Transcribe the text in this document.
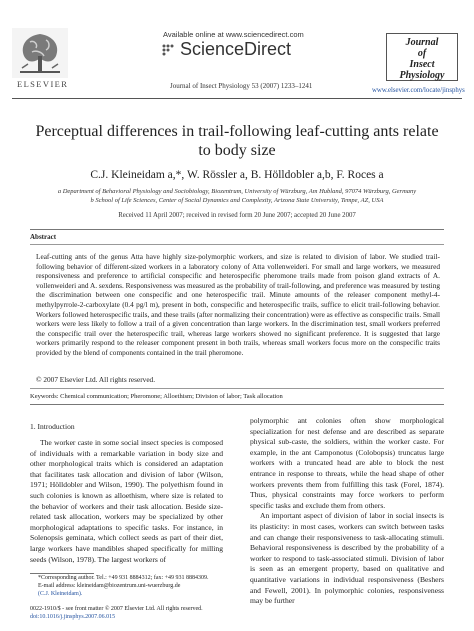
ELSEVIER
Available online at www.sciencedirect.com
ScienceDirect
Journal of Insect Physiology 53 (2007) 1233–1241
Journal
of
Insect
Physiology
www.elsevier.com/locate/jinsphys
Perceptual differences in trail-following leaf-cutting ants relate to body size
C.J. Kleineidam a,*, W. Rössler a, B. Hölldobler a,b, F. Roces a
a Department of Behavioral Physiology and Sociobiology, Biozentrum, University of Würzburg, Am Hubland, 97074 Würzburg, Germany
b School of Life Sciences, Center of Social Dynamics and Complexity, Arizona State University, Tempe, AZ, USA
Received 11 April 2007; received in revised form 20 June 2007; accepted 20 June 2007
Abstract
Leaf-cutting ants of the genus Atta have highly size-polymorphic workers, and size is related to division of labor. We studied trail-following behavior of different-sized workers in a laboratory colony of Atta vollenweideri. For small and large workers, we measured responsiveness and preference to artificial conspecific and heterospecific pheromone trails made from poison gland extracts of A. vollenweideri and A. sexdens. Responsiveness was measured as the probability of trail-following, and preference was measured by testing the discrimination between one conspecific and one heterospecific trail. Minute amounts of the releaser component methyl-4-methylpyrrole-2-carboxylate (0.4 pg/l m), present in both, conspecific and heterospecific trails, suffice to elicit trail-following behavior. Workers followed heterospecific trails, and these trails (after normalizing their concentration) were as effective as conspecific trails. Small workers were less likely to follow a trail of a given concentration than large workers. In the discrimination test, small workers preferred the conspecific trail over the heterospecific trail, whereas large workers showed no significant preference. It is suggested that large workers primarily respond to the releaser component present in both trails, whereas small workers focus more on the conspecific traits provided by the blend of components contained in the trail pheromone.
© 2007 Elsevier Ltd. All rights reserved.
Keywords: Chemical communication; Pheromone; Alloethism; Division of labor; Task allocation
1. Introduction
The worker caste in some social insect species is composed of individuals with a remarkable variation in body size and other morphological traits which is considered an adaptation that facilitates task allocation and division of labor (Wilson, 1971; Hölldobler and Wilson, 1990). The polyethism found in such colonies is known as alloethism, where size is related to the behavior of workers and their task allocation. Beside size-related task allocation, workers may be specialized by other morphological adaptations to specific tasks. For instance, in Solenopsis geminata, which collect seeds as part of their diet, large workers have mandibles shaped specifically for milling seeds (Wilson, 1978). The largest workers of

polymorphic ant colonies often show morphological specialization for nest defense and are described as separate physical sub-caste, the soldiers, within the worker caste. For example, in the ant Camponotus (Colobopsis) truncatus large workers with a truncated head are able to block the nest entrance in response to threats, while the head shape of other workers prevents them from fulfilling this task (Forel, 1874). Thus, physical constraints may force workers to perform specific tasks and exclude them from others.

An important aspect of division of labor in social insects is its plasticity: in most cases, workers can switch between tasks and can change their responsiveness to task-allocating stimuli. Behavioral responsiveness is described by the probability of a worker to respond to task-associated stimuli. Division of labor is seen as an emergent property, based on qualitative and quantitative variations in individual responsiveness (Beshers and Fewell, 2001). In polymorphic colonies, responsiveness may be further

*Corresponding author. Tel.: +49 931 8884312; fax: +49 931 8884309.
E-mail address: kleineidam@biozentrum.uni-wuerzburg.de
(C.J. Kleineidam).
0022-1910/$ - see front matter © 2007 Elsevier Ltd. All rights reserved.
doi:10.1016/j.jinsphys.2007.06.015
